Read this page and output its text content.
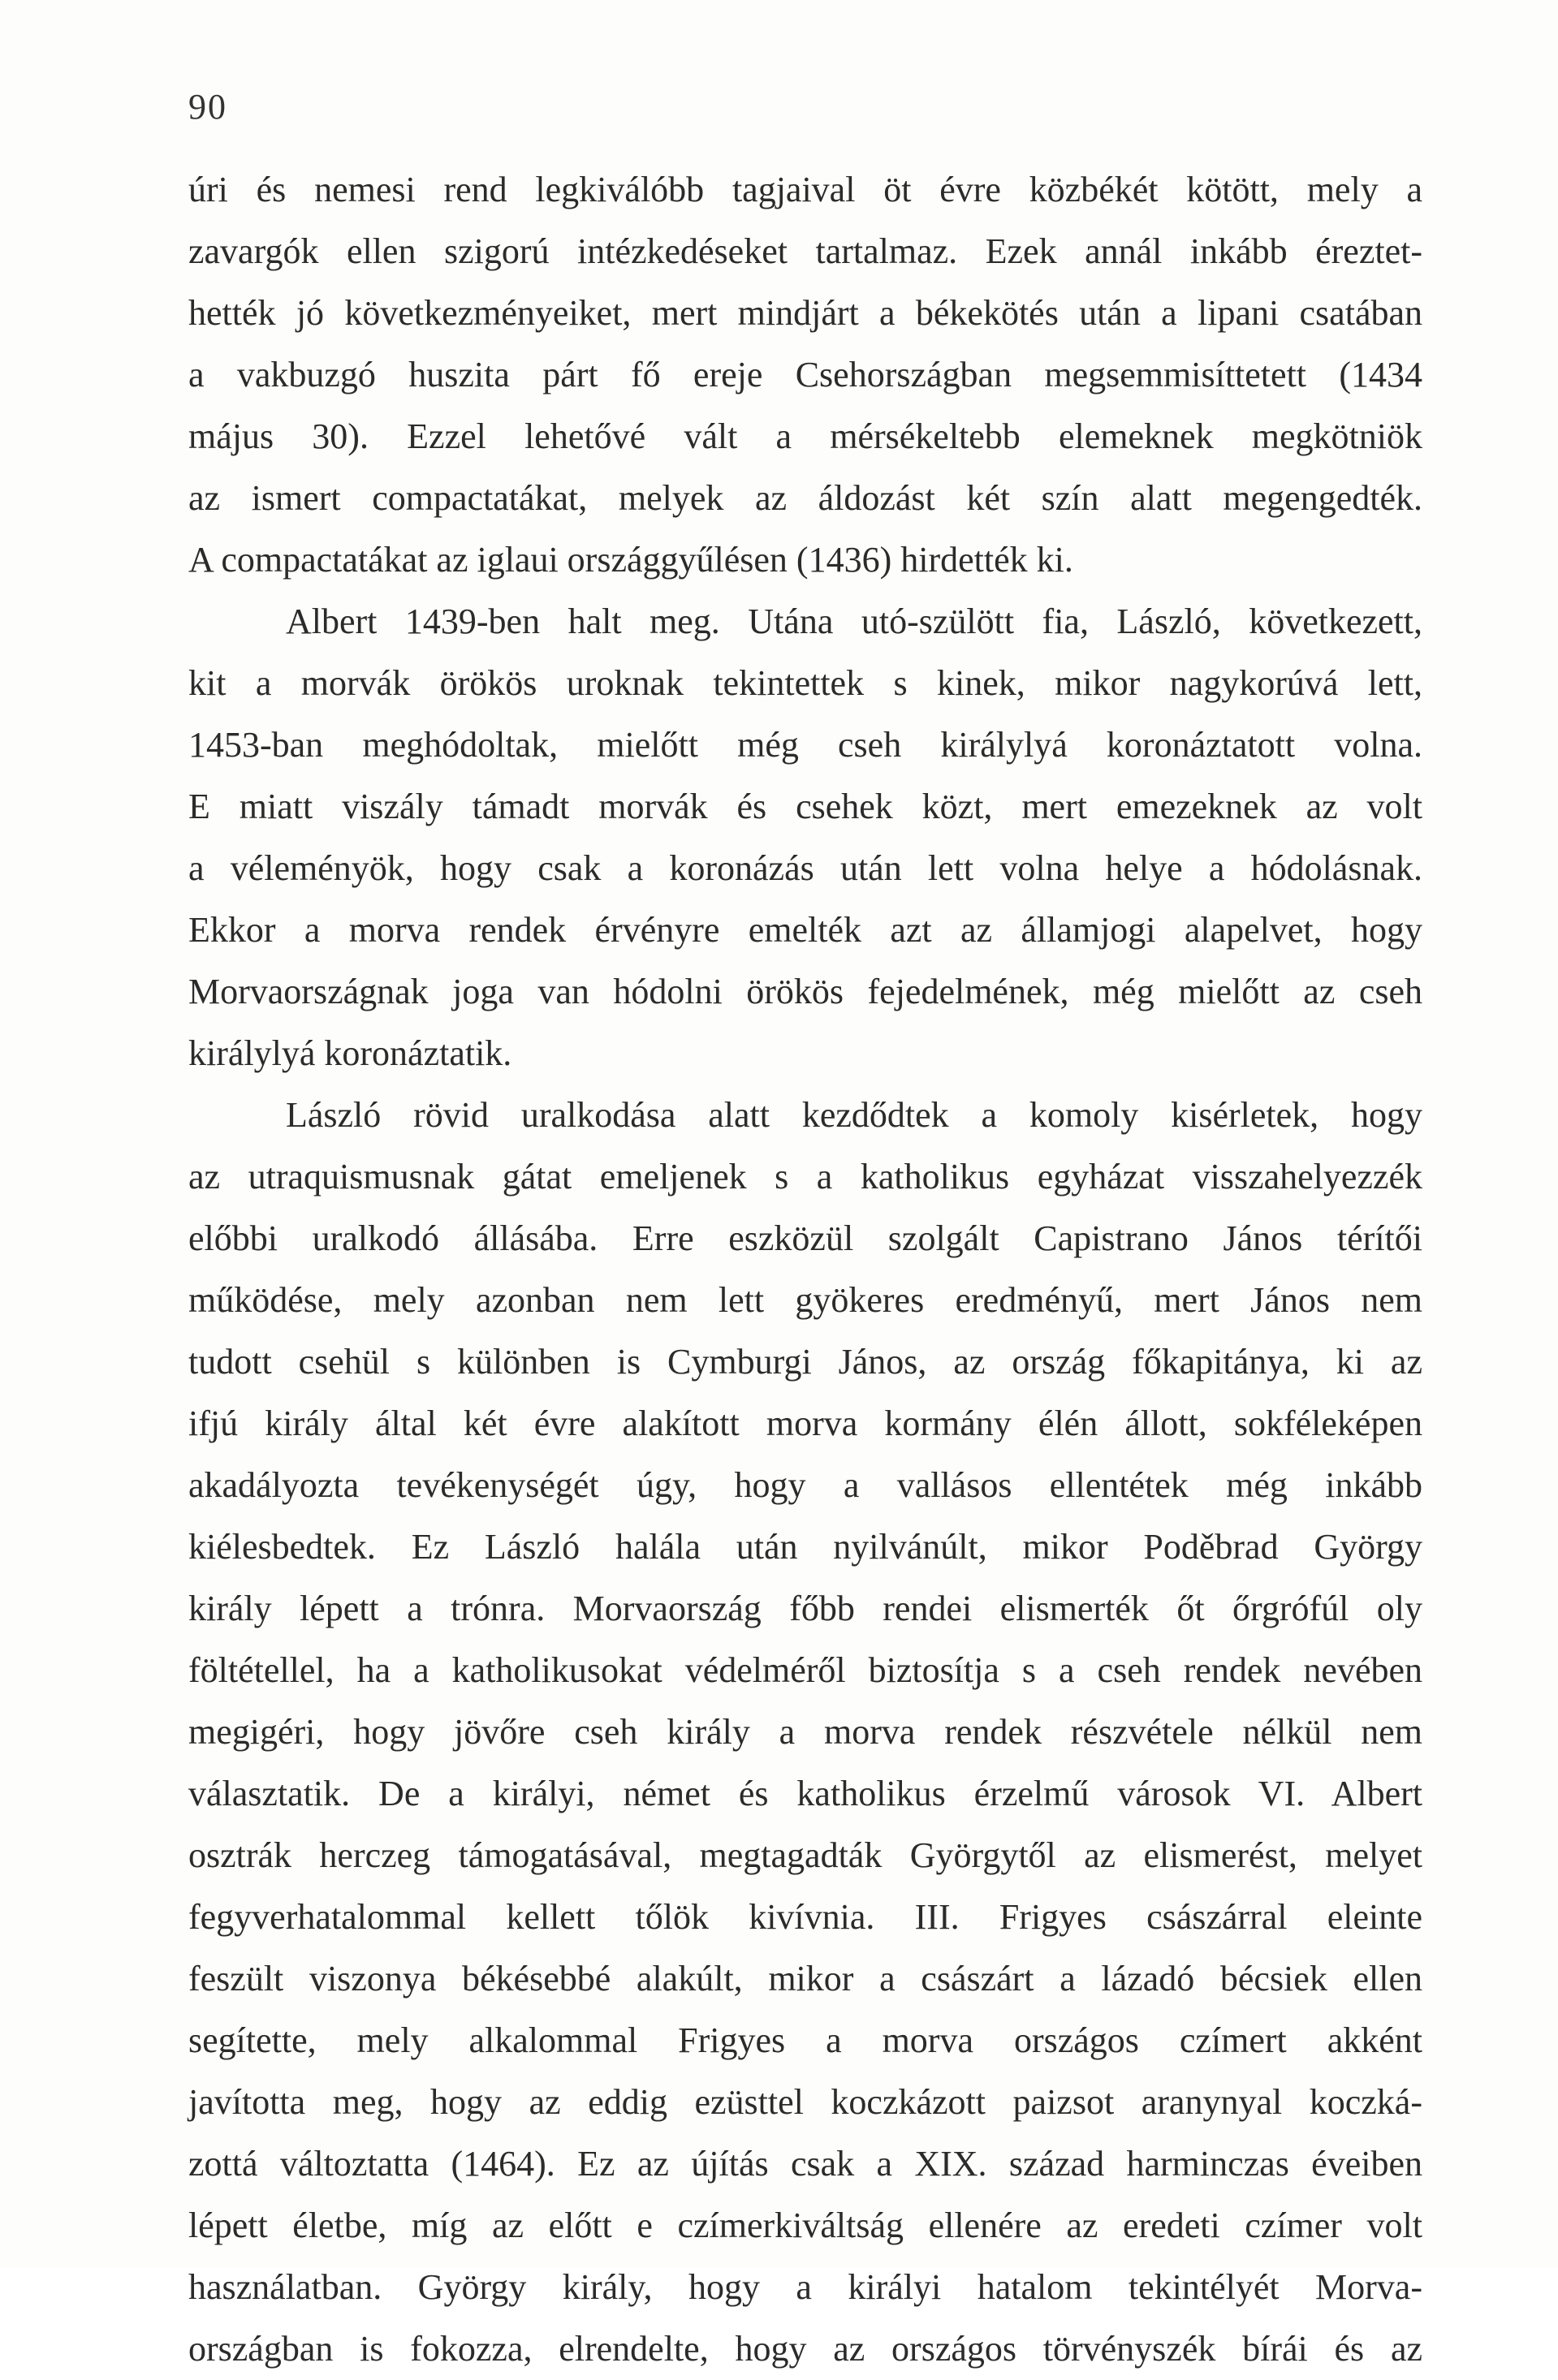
90
úri és nemesi rend legkiválóbb tagjaival öt évre közbékét kötött, mely a
zavargók ellen szigorú intézkedéseket tartalmaz. Ezek annál inkább éreztet-
hették jó következményeiket, mert mindjárt a békekötés után a lipani csatában
a vakbuzgó huszita párt fő ereje Csehországban megsemmisíttetett (1434
május 30). Ezzel lehetővé vált a mérsékeltebb elemeknek megkötniök
az ismert compactatákat, melyek az áldozást két szín alatt megengedték.
A compactatákat az iglaui országgyűlésen (1436) hirdették ki.
Albert 1439-ben halt meg. Utána utó-szülött fia, László, következett,
kit a morvák örökös uroknak tekintettek s kinek, mikor nagykorúvá lett,
1453-ban meghódoltak, mielőtt még cseh királylyá koronáztatott volna.
E miatt viszály támadt morvák és csehek közt, mert emezeknek az volt
a véleményök, hogy csak a koronázás után lett volna helye a hódolásnak.
Ekkor a morva rendek érvényre emelték azt az államjogi alapelvet, hogy
Morvaországnak joga van hódolni örökös fejedelmének, még mielőtt az cseh
királylyá koronáztatik.
László rövid uralkodása alatt kezdődtek a komoly kisérletek, hogy
az utraquismusnak gátat emeljenek s a katholikus egyházat visszahelyezzék
előbbi uralkodó állásába. Erre eszközül szolgált Capistrano János térítői
működése, mely azonban nem lett gyökeres eredményű, mert János nem
tudott csehül s különben is Cymburgi János, az ország főkapitánya, ki az
ifjú király által két évre alakított morva kormány élén állott, sokféleképen
akadályozta tevékenységét úgy, hogy a vallásos ellentétek még inkább
kiélesbedtek. Ez László halála után nyilvánúlt, mikor Poděbrad György
király lépett a trónra. Morvaország főbb rendei elismerték őt őrgrófúl oly
föltétellel, ha a katholikusokat védelméről biztosítja s a cseh rendek nevében
megigéri, hogy jövőre cseh király a morva rendek részvétele nélkül nem
választatik. De a királyi, német és katholikus érzelmű városok VI. Albert
osztrák herczeg támogatásával, megtagadták Györgytől az elismerést, melyet
fegyverhatalommal kellett tőlök kivívnia. III. Frigyes császárral eleinte
feszült viszonya békésebbé alakúlt, mikor a császárt a lázadó bécsiek ellen
segítette, mely alkalommal Frigyes a morva országos czímert akként
javította meg, hogy az eddig ezüsttel koczkázott paizsot aranynyal koczká-
zottá változtatta (1464). Ez az újítás csak a XIX. század harminczas éveiben
lépett életbe, míg az előtt e czímerkiváltság ellenére az eredeti czímer volt
használatban. György király, hogy a királyi hatalom tekintélyét Morva-
országban is fokozza, elrendelte, hogy az országos törvényszék bírái és az
